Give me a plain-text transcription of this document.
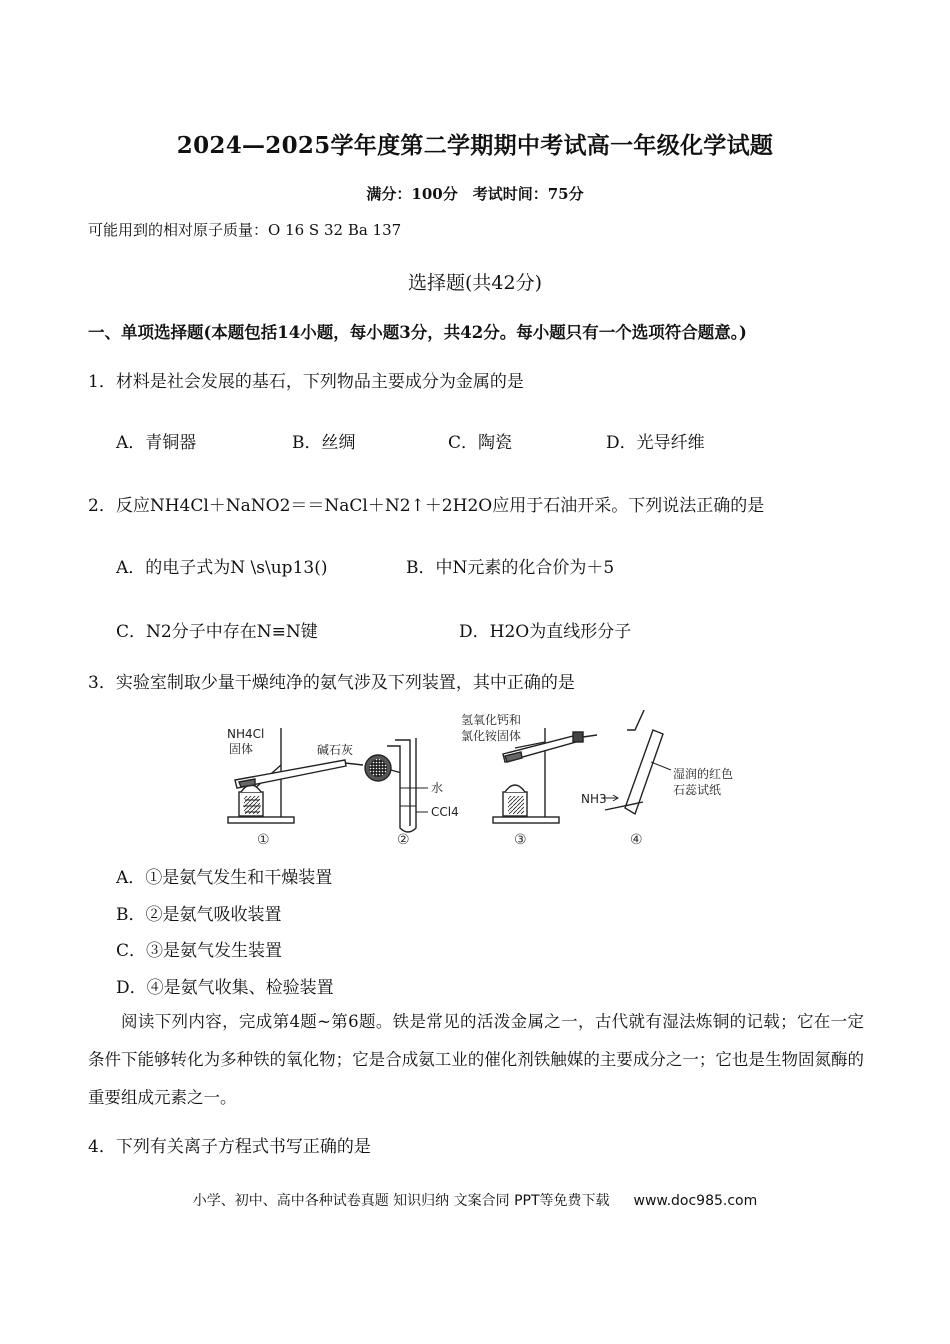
2024—2025学年度第二学期期中考试高一年级化学试题
满分：100分　考试时间：75分
可能用到的相对原子质量：O 16 S 32 Ba 137
选择题(共42分)
一、单项选择题(本题包括14小题，每小题3分，共42分。每小题只有一个选项符合题意。)
1．材料是社会发展的基石，下列物品主要成分为金属的是
A．青铜器	B．丝绸	C．陶瓷	D．光导纤维
2．反应NH4Cl＋NaNO2＝＝NaCl＋N2↑＋2H2O应用于石油开采。下列说法正确的是
A．的电子式为N \s\up13()	B．中N元素的化合价为＋5
C．N2分子中存在N≡N键	D．H2O为直线形分子
3．实验室制取少量干燥纯净的氨气涉及下列装置，其中正确的是
NH4Cl
固体	碱石灰
水
CCl4
氢氧化钙和
氯化铵固体
NH3
湿润的红色
石蕊试纸
①	②	③	④
A．①是氨气发生和干燥装置
B．②是氨气吸收装置
C．③是氨气发生装置
D．④是氨气收集、检验装置
阅读下列内容，完成第4题~第6题。铁是常见的活泼金属之一，古代就有湿法炼铜的记载；它在一定条件下能够转化为多种铁的氧化物；它是合成氨工业的催化剂铁触媒的主要成分之一；它也是生物固氮酶的重要组成元素之一。
4．下列有关离子方程式书写正确的是
小学、初中、高中各种试卷真题 知识归纳 文案合同 PPT等免费下载 www.doc985.com
